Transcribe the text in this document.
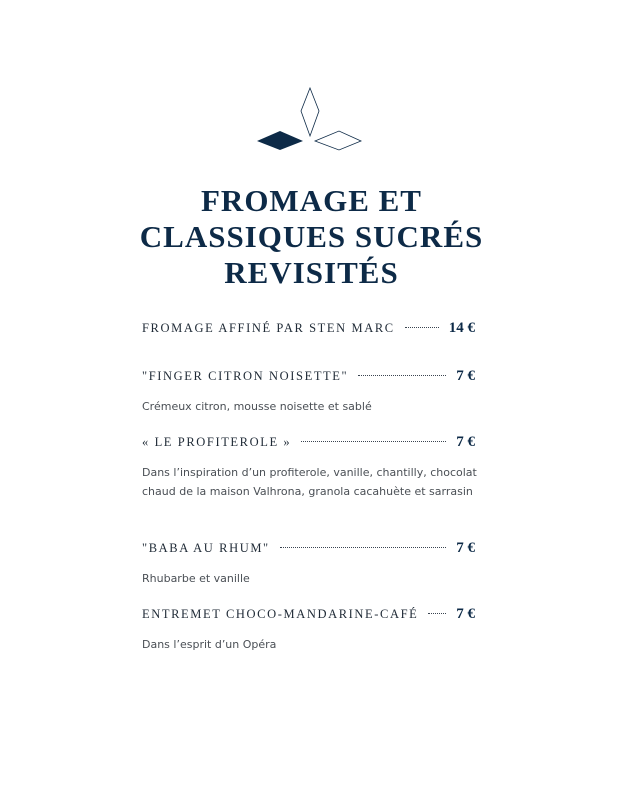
FROMAGE ET
CLASSIQUES SUCRÉS
REVISITÉS
FROMAGE AFFINÉ PAR STEN MARC	14 €
"FINGER CITRON NOISETTE"	7 €
Crémeux citron, mousse noisette et sablé
« LE PROFITEROLE »	7 €
Dans l’inspiration d’un profiterole, vanille, chantilly, chocolat chaud de la maison Valhrona, granola cacahuète et sarrasin
"BABA AU RHUM"	7 €
Rhubarbe et vanille
ENTREMET CHOCO-MANDARINE-CAFÉ	7 €
Dans l’esprit d’un Opéra
